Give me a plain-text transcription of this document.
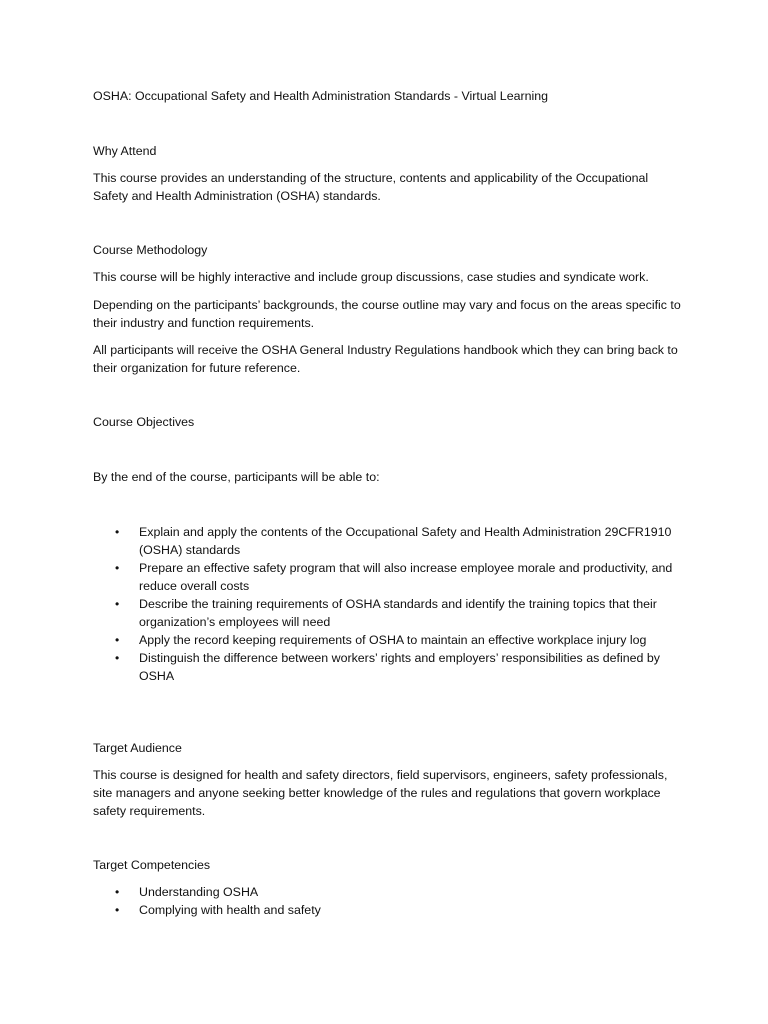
OSHA: Occupational Safety and Health Administration Standards - Virtual Learning
Why Attend
This course provides an understanding of the structure, contents and applicability of the Occupational Safety and Health Administration (OSHA) standards.
Course Methodology
This course will be highly interactive and include group discussions, case studies and syndicate work.
Depending on the participants’ backgrounds, the course outline may vary and focus on the areas specific to their industry and function requirements.
All participants will receive the OSHA General Industry Regulations handbook which they can bring back to their organization for future reference.
Course Objectives
By the end of the course, participants will be able to:
• Explain and apply the contents of the Occupational Safety and Health Administration 29CFR1910 (OSHA) standards
• Prepare an effective safety program that will also increase employee morale and productivity, and reduce overall costs
• Describe the training requirements of OSHA standards and identify the training topics that their organization’s employees will need
• Apply the record keeping requirements of OSHA to maintain an effective workplace injury log
• Distinguish the difference between workers’ rights and employers’ responsibilities as defined by OSHA
Target Audience
This course is designed for health and safety directors, field supervisors, engineers, safety professionals, site managers and anyone seeking better knowledge of the rules and regulations that govern workplace safety requirements.
Target Competencies
• Understanding OSHA
• Complying with health and safety
